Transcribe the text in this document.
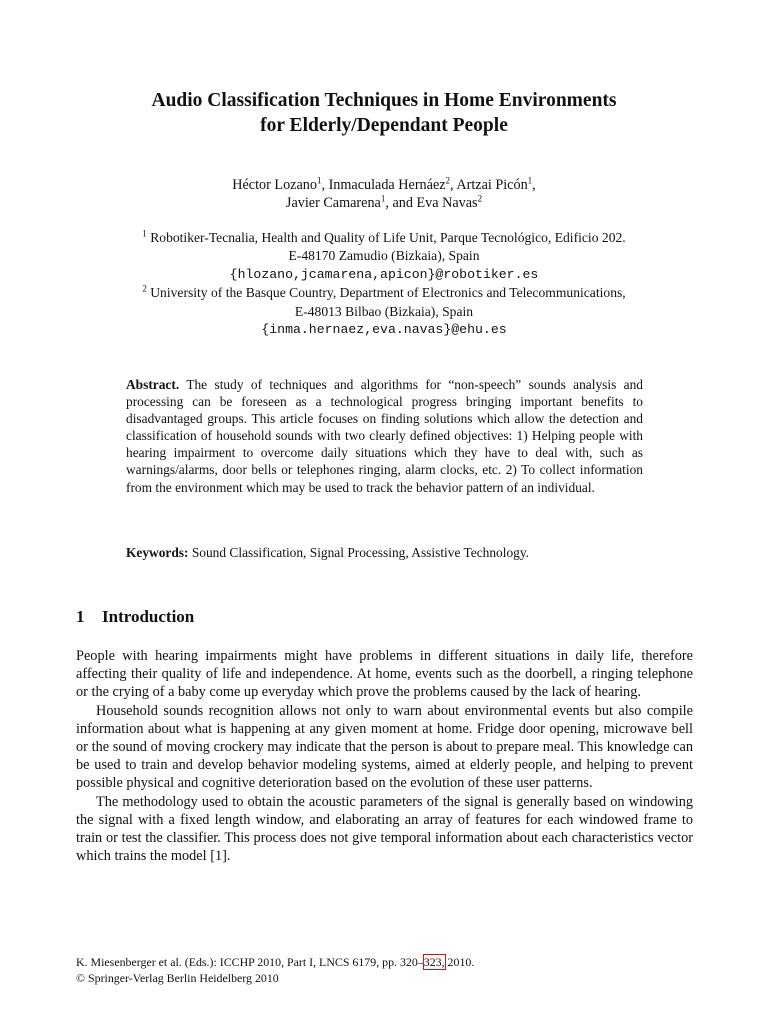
Audio Classification Techniques in Home Environments
for Elderly/Dependant People
Héctor Lozano$^1$, Inmaculada Hernáez$^2$, Artzai Picón$^1$,
Javier Camarena$^1$, and Eva Navas$^2$
$^1$ Robotiker-Tecnalia, Health and Quality of Life Unit, Parque Tecnológico, Edificio 202.
E-48170 Zamudio (Bizkaia), Spain
{hlozano,jcamarena,apicon}@robotiker.es
$^2$ University of the Basque Country, Department of Electronics and Telecommunications,
E-48013 Bilbao (Bizkaia), Spain
{inma.hernaez,eva.navas}@ehu.es
Abstract. The study of techniques and algorithms for “non-speech” sounds analysis and processing can be foreseen as a technological progress bringing important benefits to disadvantaged groups. This article focuses on finding solutions which allow the detection and classification of household sounds with two clearly defined objectives: 1) Helping people with hearing impairment to overcome daily situations which they have to deal with, such as warnings/alarms, door bells or telephones ringing, alarm clocks, etc. 2) To collect information from the environment which may be used to track the behavior pattern of an individual.
Keywords: Sound Classification, Signal Processing, Assistive Technology.
1 Introduction

People with hearing impairments might have problems in different situations in daily life, therefore affecting their quality of life and independence. At home, events such as the doorbell, a ringing telephone or the crying of a baby come up everyday which prove the problems caused by the lack of hearing.

Household sounds recognition allows not only to warn about environmental events but also compile information about what is happening at any given moment at home. Fridge door opening, microwave bell or the sound of moving crockery may indicate that the person is about to prepare meal. This knowledge can be used to train and develop behavior modeling systems, aimed at elderly people, and helping to prevent possible physical and cognitive deterioration based on the evolution of these user patterns.

The methodology used to obtain the acoustic parameters of the signal is generally based on windowing the signal with a fixed length window, and elaborating an array of features for each windowed frame to train or test the classifier. This process does not give temporal information about each characteristics vector which trains the model [1].

K. Miesenberger et al. (Eds.): ICCHP 2010, Part I, LNCS 6179, pp. 320–323, 2010.
© Springer-Verlag Berlin Heidelberg 2010
